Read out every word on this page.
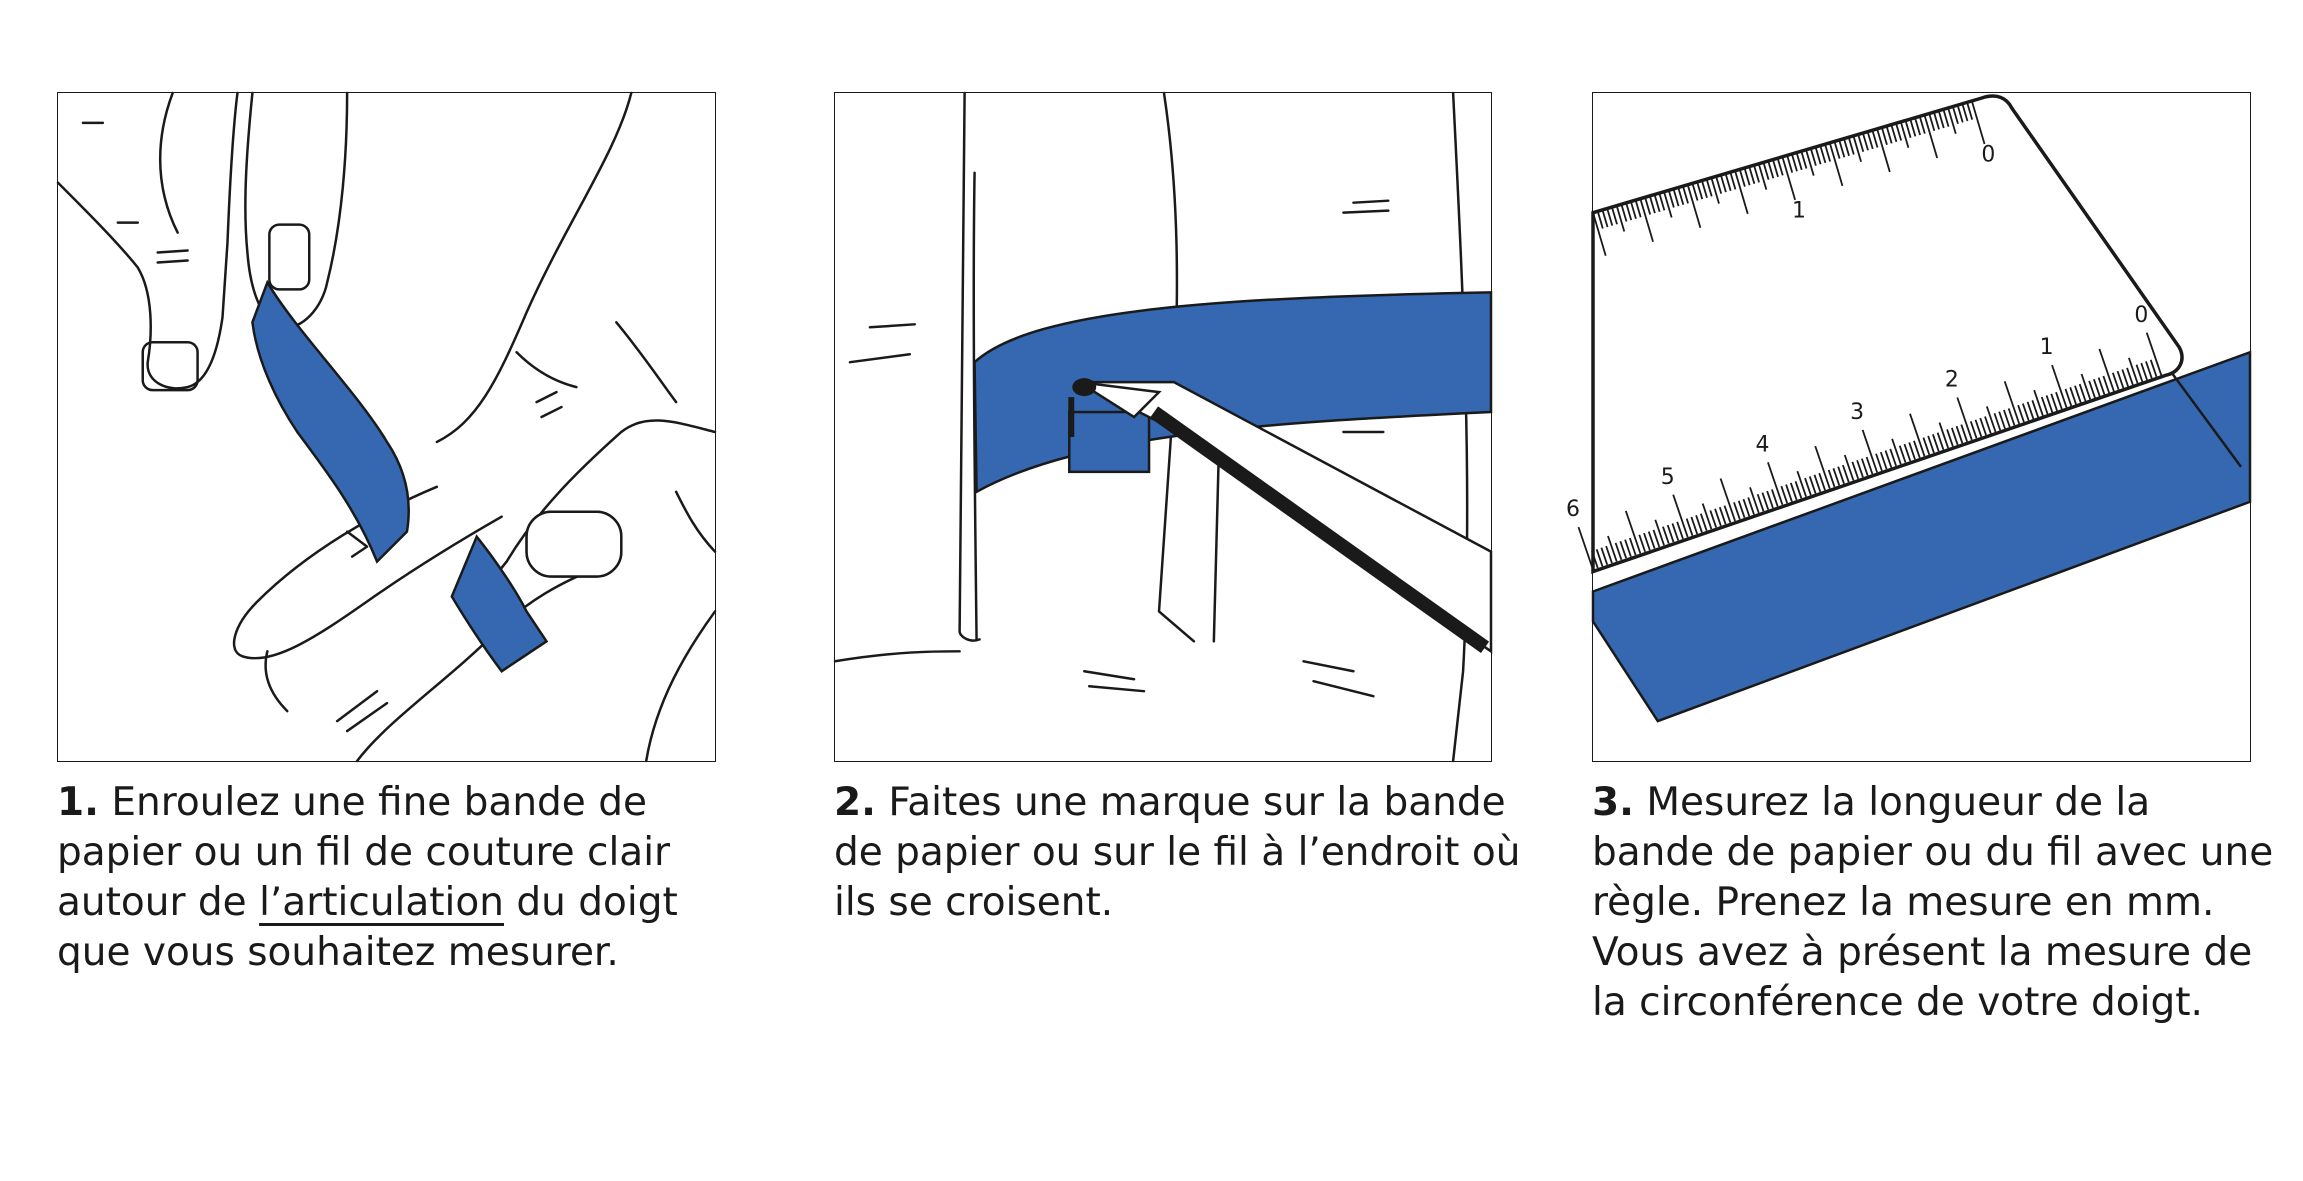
1
0
6
5
4
3
2
1
0

1. Enroulez une fine bande de papier ou un fil de couture clair autour de l’articulation du doigt que vous souhaitez mesurer.

2. Faites une marque sur la bande de papier ou sur le fil à l’endroit où ils se croisent.

3. Mesurez la longueur de la bande de papier ou du fil avec une règle. Prenez la mesure en mm. Vous avez à présent la mesure de la circonférence de votre doigt.
